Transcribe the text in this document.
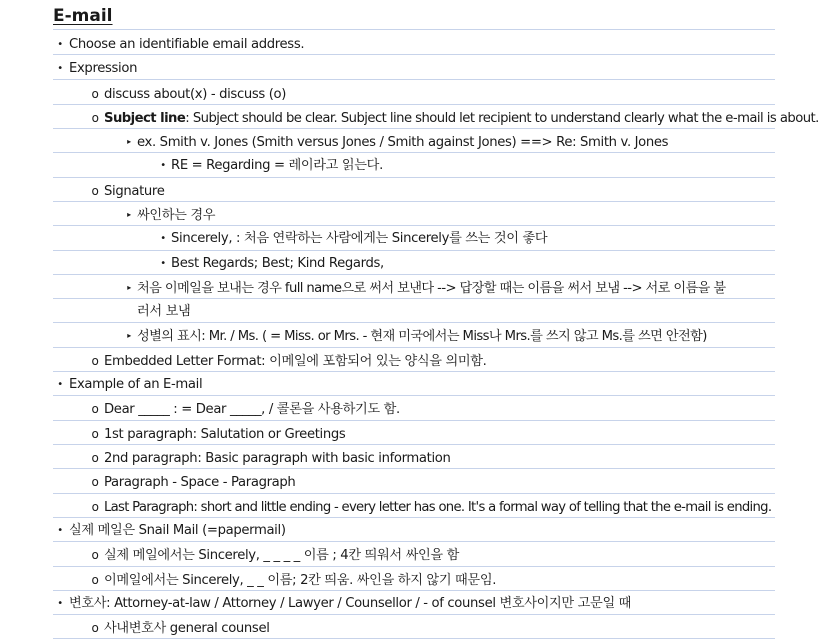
E-mail
• Choose an identifiable email address.
• Expression
o discuss about(x) - discuss (o)
o Subject line: Subject should be clear. Subject line should let recipient to understand clearly what the e-mail is about.
▸ ex. Smith v. Jones (Smith versus Jones / Smith against Jones) ==> Re: Smith v. Jones
• RE = Regarding = 레이라고 읽는다.
o Signature
▸ 싸인하는 경우
• Sincerely, : 처음 연락하는 사람에게는 Sincerely를 쓰는 것이 좋다
• Best Regards; Best; Kind Regards,
▸ 처음 이메일을 보내는 경우 full name으로 써서 보낸다 --> 답장할 때는 이름을 써서 보냄 --> 서로 이름을 불
러서 보냄
▸ 성별의 표시: Mr. / Ms. ( = Miss. or Mrs. - 현재 미국에서는 Miss나 Mrs.를 쓰지 않고 Ms.를 쓰면 안전함)
o Embedded Letter Format: 이메일에 포함되어 있는 양식을 의미함.
• Example of an E-mail
o Dear _____ : = Dear _____, / 콜론을 사용하기도 함.
o 1st paragraph: Salutation or Greetings
o 2nd paragraph: Basic paragraph with basic information
o Paragraph - Space - Paragraph
o Last Paragraph: short and little ending - every letter has one. It's a formal way of telling that the e-mail is ending.
• 실제 메일은 Snail Mail (=papermail)
o 실제 메일에서는 Sincerely, _ _ _ _ 이름 ; 4칸 띄워서 싸인을 함
o 이메일에서는 Sincerely, _ _ 이름; 2칸 띄움. 싸인을 하지 않기 때문임.
• 변호사: Attorney-at-law / Attorney / Lawyer / Counsellor / - of counsel 변호사이지만 고문일 때
o 사내변호사 general counsel
